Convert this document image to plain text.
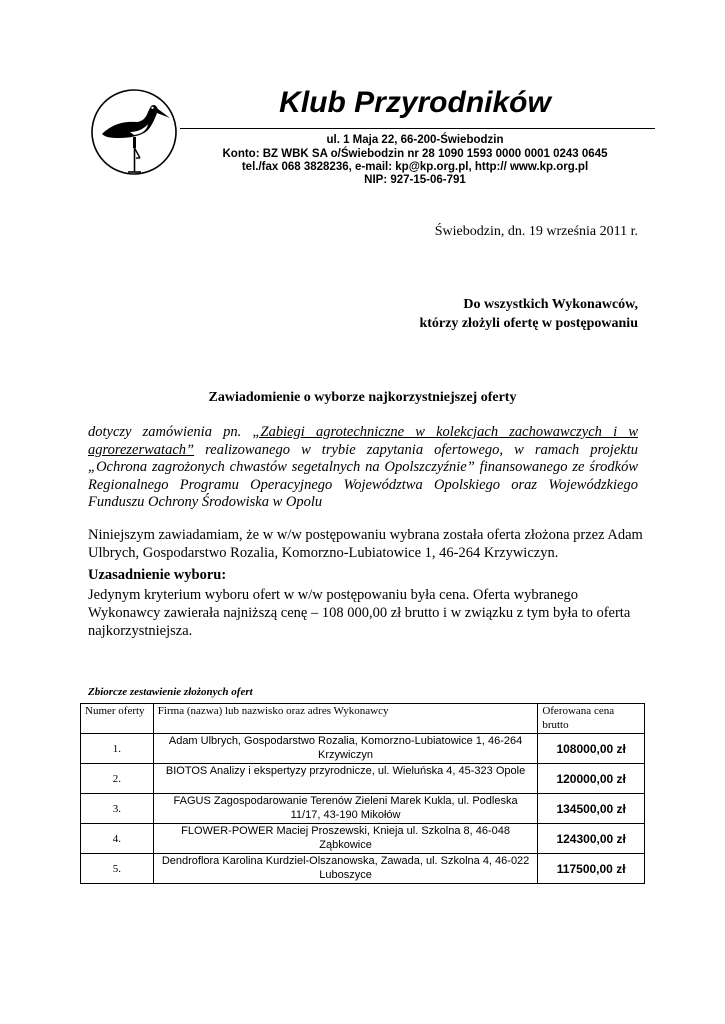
Klub Przyrodników
ul. 1 Maja 22, 66-200-Świebodzin
Konto: BZ WBK SA o/Świebodzin nr 28 1090 1593 0000 0001 0243 0645
tel./fax 068 3828236, e-mail: kp@kp.org.pl, http:// www.kp.org.pl
NIP: 927-15-06-791
Świebodzin, dn. 19 września 2011 r.
Do wszystkich Wykonawców,
którzy złożyli ofertę w postępowaniu
Zawiadomienie o wyborze najkorzystniejszej oferty
dotyczy zamówienia pn. „Zabiegi agrotechniczne w kolekcjach zachowawczych i w agrorezerwatach” realizowanego w trybie zapytania ofertowego, w ramach projektu „Ochrona zagrożonych chwastów segetalnych na Opolszczyźnie” finansowanego ze środków Regionalnego Programu Operacyjnego Województwa Opolskiego oraz Wojewódzkiego Funduszu Ochrony Środowiska w Opolu
Niniejszym zawiadamiam, że w w/w postępowaniu wybrana została oferta złożona przez Adam Ulbrych, Gospodarstwo Rozalia, Komorzno-Lubiatowice 1, 46-264 Krzywiczyn.
Uzasadnienie wyboru:
Jedynym kryterium wyboru ofert w w/w postępowaniu była cena. Oferta wybranego Wykonawcy zawierała najniższą cenę – 108 000,00 zł brutto i w związku z tym była to oferta najkorzystniejsza.
Zbiorcze zestawienie złożonych ofert
Numer oferty	Firma (nazwa) lub nazwisko oraz adres Wykonawcy	Oferowana cena brutto
1.	Adam Ulbrych, Gospodarstwo Rozalia, Komorzno-Lubiatowice 1, 46-264 Krzywiczyn	108000,00 zł
2.	BIOTOS Analizy i ekspertyzy przyrodnicze, ul. Wieluńska 4, 45-323 Opole	120000,00 zł
3.	FAGUS Zagospodarowanie Terenów Zieleni Marek Kukla, ul. Podleska 11/17, 43-190 Mikołów	134500,00 zł
4.	FLOWER-POWER Maciej Proszewski, Knieja ul. Szkolna 8, 46-048 Ząbkowice	124300,00 zł
5.	Dendroflora Karolina Kurdziel-Olszanowska, Zawada, ul. Szkolna 4, 46-022 Luboszyce	117500,00 zł
